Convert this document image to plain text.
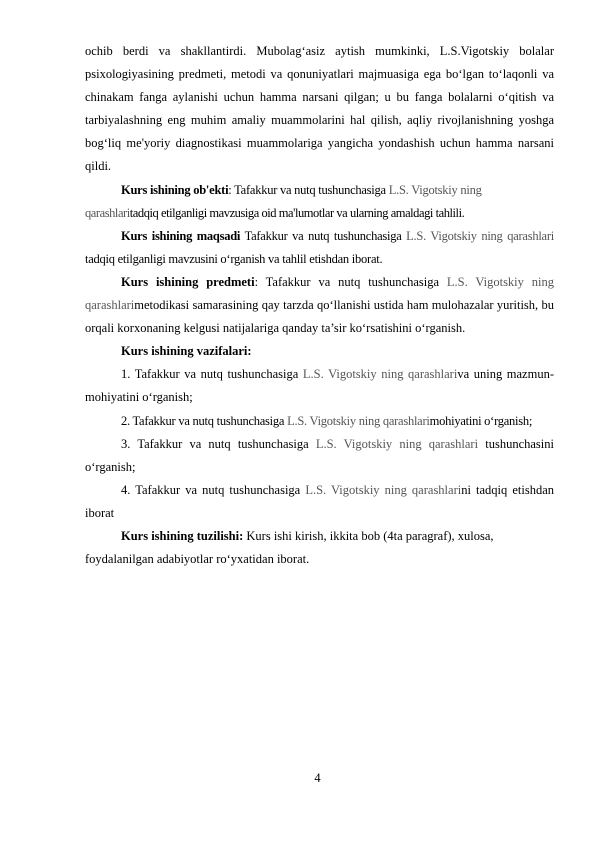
ochib berdi va shakllantirdi. Mubolag‘asiz aytish mumkinki, L.S.Vigotskiy bolalar psixologiyasining predmeti, metodi va qonuniyatlari majmuasiga ega bo‘lgan to‘laqonli va chinakam fanga aylanishi uchun hamma narsani qilgan; u bu fanga bolalarni o‘qitish va tarbiyalashning eng muhim amaliy muammolarini hal qilish, aqliy rivojlanishning yoshga bog‘liq me'yoriy diagnostikasi muammolariga yangicha yondashish uchun hamma narsani qildi.

Kurs ishining ob'ekti: Tafakkur va nutq tushunchasiga L.S. Vigotskiy ning

qarashlaritadqiq etilganligi mavzusiga oid ma'lumotlar va ularning amaldagi tahlili.

Kurs ishining maqsadi Tafakkur va nutq tushunchasiga L.S. Vigotskiy ning qarashlari tadqiq etilganligi mavzusini o‘rganish va tahlil etishdan iborat.

Kurs ishining predmeti: Tafakkur va nutq tushunchasiga L.S. Vigotskiy ning qarashlarimetodikasi samarasining qay tarzda qo‘llanishi ustida ham mulohazalar yuritish, bu orqali korxonaning kelgusi natijalariga qanday ta’sir ko‘rsatishini o‘rganish.

Kurs ishining vazifalari:

1. Tafakkur va nutq tushunchasiga L.S. Vigotskiy ning qarashlariva uning mazmun-mohiyatini o‘rganish;

2. Tafakkur va nutq tushunchasiga L.S. Vigotskiy ning qarashlarimohiyatini o‘rganish;

3. Tafakkur va nutq tushunchasiga L.S. Vigotskiy ning qarashlari tushunchasini o‘rganish;

4. Tafakkur va nutq tushunchasiga L.S. Vigotskiy ning qarashlarini tadqiq etishdan iborat

Kurs ishining tuzilishi: Kurs ishi kirish, ikkita bob (4ta paragraf), xulosa,

foydalanilgan adabiyotlar ro‘yxatidan iborat.

4
